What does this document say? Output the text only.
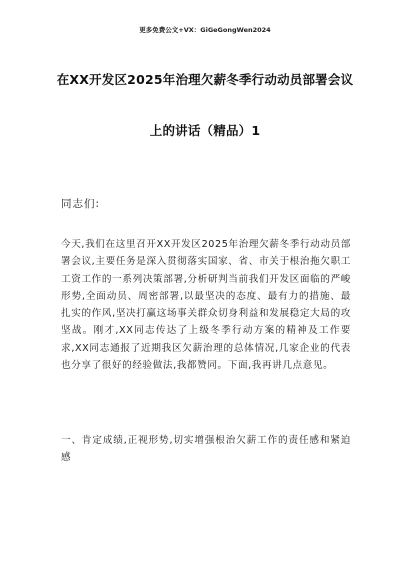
更多免费公文+VX：GiGeGongWen2024
在XX开发区2025年治理欠薪冬季行动动员部署会议
上的讲话（精品）1
同志们:
今天,我们在这里召开XX开发区2025年治理欠薪冬季行动动员部署会议,主要任务是深入贯彻落实国家、省、市关于根治拖欠职工工资工作的一系列决策部署,分析研判当前我们开发区面临的严峻形势,全面动员、周密部署,以最坚决的态度、最有力的措施、最扎实的作风,坚决打赢这场事关群众切身利益和发展稳定大局的攻坚战。刚才,XX同志传达了上级冬季行动方案的精神及工作要求,XX同志通报了近期我区欠薪治理的总体情况,几家企业的代表也分享了很好的经验做法,我都赞同。下面,我再讲几点意见。
一、肯定成绩,正视形势,切实增强根治欠薪工作的责任感和紧迫感
